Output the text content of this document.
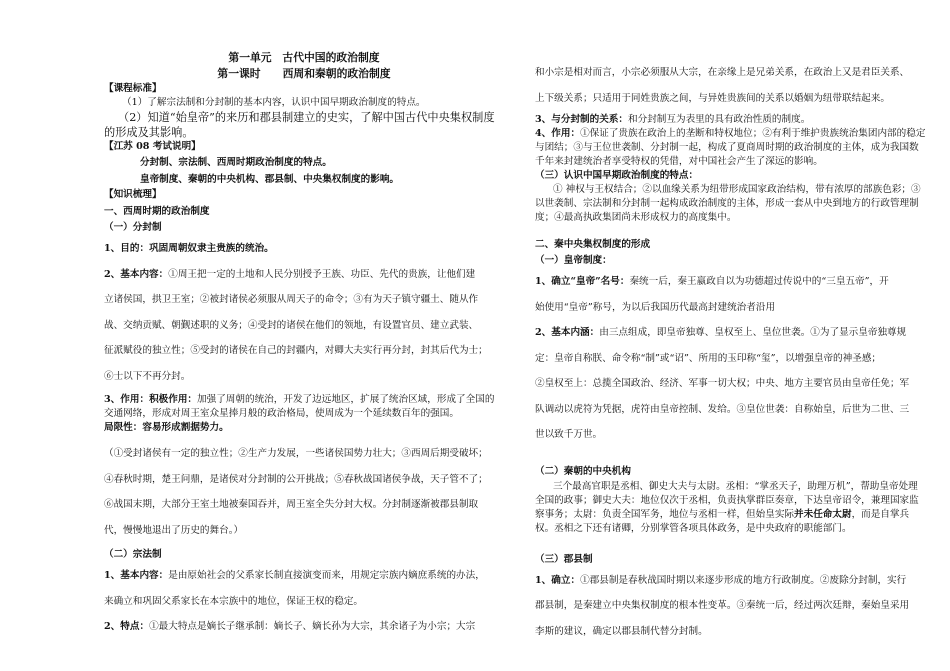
第一单元　古代中国的政治制度
第一课时 西周和秦朝的政治制度

【课程标准】

（1）了解宗法制和分封制的基本内容，认识中国早期政治制度的特点。

（2）知道“始皇帝”的来历和郡县制建立的史实，了解中国古代中央集权制度的形成及其影响。

【江苏 08 考试说明】

分封制、宗法制、西周时期政治制度的特点。

皇帝制度、秦朝的中央机构、郡县制、中央集权制度的影响。

【知识梳理】

一、西周时期的政治制度

（一）分封制

1、目的：巩固周朝奴隶主贵族的统治。

2、基本内容：①周王把一定的土地和人民分别授予王族、功臣、先代的贵族，让他们建

立诸侯国，拱卫王室；②被封诸侯必须服从周天子的命令；③有为天子镇守疆土、随从作

战、交纳贡赋、朝觐述职的义务；④受封的诸侯在他们的领地，有设置官员、建立武装、

征派赋役的独立性；⑤受封的诸侯在自己的封疆内，对卿大夫实行再分封，封其后代为士；

⑥士以下不再分封。

3、作用：积极作用：加强了周朝的统治，开发了边远地区，扩展了统治区域，形成了全国的交通网络，形成对周王室众星捧月般的政治格局，使周成为一个延续数百年的强国。

局限性：容易形成割据势力。

（①受封诸侯有一定的独立性；②生产力发展，一些诸侯国势力壮大；③西周后期受破坏；

④春秋时期，楚王问鼎，是诸侯对分封制的公开挑战；⑤春秋战国诸侯争战，天子管不了；

⑥战国末期，大部分王室土地被秦国吞并，周王室全失分封大权。分封制逐渐被郡县制取

代，慢慢地退出了历史的舞台。）

（二）宗法制

1、基本内容：是由原始社会的父系家长制直接演变而来，用规定宗族内嫡庶系统的办法，

来确立和巩固父系家长在本宗族中的地位，保证王权的稳定。

2、特点：①最大特点是嫡长子继承制：嫡长子、嫡长孙为大宗，其余诸子为小宗；大宗

和小宗是相对而言，小宗必须服从大宗，在亲缘上是兄弟关系，在政治上又是君臣关系、

上下级关系；只适用于同姓贵族之间，与异姓贵族间的关系以婚姻为纽带联结起来。

3、与分封制的关系：和分封制互为表里的具有政治性质的制度。

4、作用：①保证了贵族在政治上的垄断和特权地位；②有利于维护贵族统治集团内部的稳定与团结；③与王位世袭制、分封制一起，构成了夏商周时期的政治制度的主体，成为我国数千年来封建统治者享受特权的凭借，对中国社会产生了深远的影响。

（三）认识中国早期政治制度的特点：

① 神权与王权结合；②以血缘关系为纽带形成国家政治结构，带有浓厚的部族色彩；③以世袭制、宗法制和分封制一起构成政治制度的主体，形成一套从中央到地方的行政管理制度；④最高执政集团尚未形成权力的高度集中。

二、秦中央集权制度的形成

（一）皇帝制度：

1、确立“皇帝”名号：秦统一后，秦王嬴政自以为功德超过传说中的“三皇五帝”，开

始使用“皇帝”称号，为以后我国历代最高封建统治者沿用

2、基本内涵：由三点组成，即皇帝独尊、皇权至上、皇位世袭。①为了显示皇帝独尊规

定：皇帝自称朕、命令称“制”或“诏”、所用的玉印称“玺”，以增强皇帝的神圣感；

②皇权至上：总揽全国政治、经济、军事一切大权；中央、地方主要官员由皇帝任免；军

队调动以虎符为凭据，虎符由皇帝控制、发给。③皇位世袭：自称始皇，后世为二世、三

世以致千万世。

（二）秦朝的中央机构

三个最高官职是丞相、御史大夫与太尉。丞相：“掌丞天子，助理万机”，帮助皇帝处理全国的政事；御史大夫：地位仅次于丞相，负责执掌群臣奏章，下达皇帝诏令，兼理国家监察事务；太尉：负责全国军务，地位与丞相一样，但始皇实际并未任命太尉，而是自掌兵权。丞相之下还有诸卿，分别掌管各项具体政务，是中央政府的职能部门。

（三）郡县制

1、确立：①郡县制是春秋战国时期以来逐步形成的地方行政制度。②废除分封制，实行

郡县制，是秦建立中央集权制度的根本性变革。③秦统一后，经过两次廷辩，秦始皇采用

李斯的建议，确定以郡县制代替分封制。
